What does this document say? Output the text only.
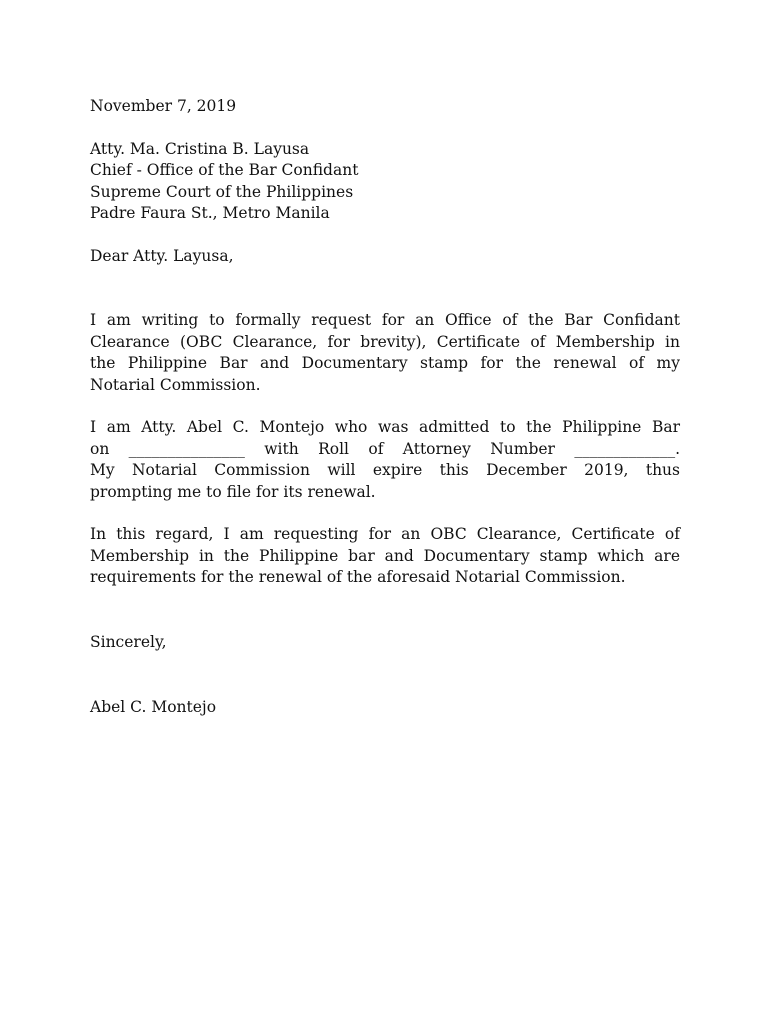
November 7, 2019
Atty. Ma. Cristina B. Layusa
Chief - Office of the Bar Confidant
Supreme Court of the Philippines
Padre Faura St., Metro Manila
Dear Atty. Layusa,
I am writing to formally request for an Office of the Bar Confidant
Clearance (OBC Clearance, for brevity), Certificate of Membership in
the Philippine Bar and Documentary stamp for the renewal of my
Notarial Commission.
I am Atty. Abel C. Montejo who was admitted to the Philippine Bar
on _______________ with Roll of Attorney Number _____________.
My Notarial Commission will expire this December 2019, thus
prompting me to file for its renewal.
In this regard, I am requesting for an OBC Clearance, Certificate of
Membership in the Philippine bar and Documentary stamp which are
requirements for the renewal of the aforesaid Notarial Commission.
Sincerely,
Abel C. Montejo
